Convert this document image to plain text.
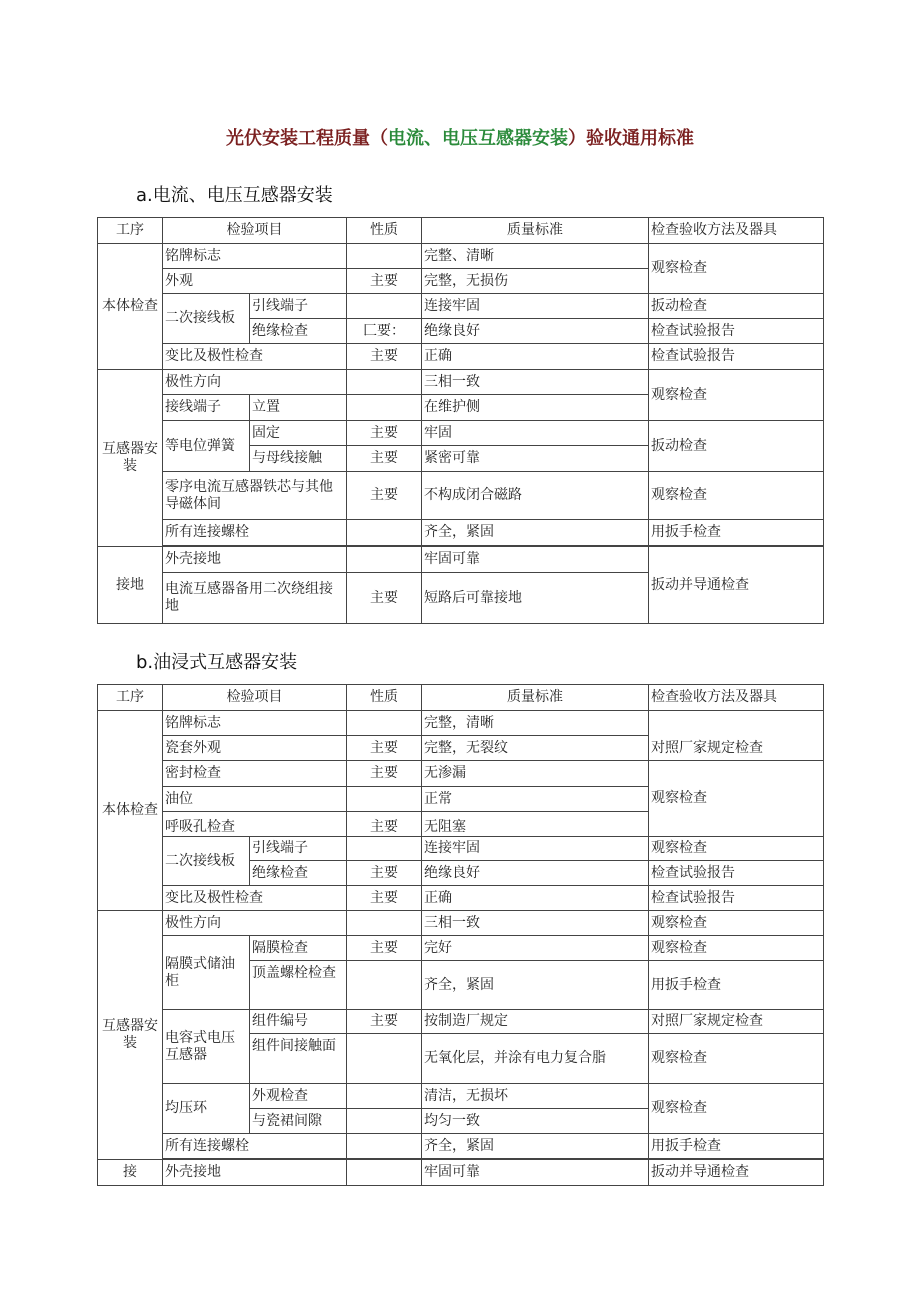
光伏安装工程质量（电流、电压互感器安装）验收通用标准
a.电流、电压互感器安装
工序	检验项目		性质	质量标准	检查验收方法及器具
本体检查	铭牌标志			完整、清晰	观察检查
	外观		主要	完整，无损伤	
	二次接线板	引线端子		连接牢固	扳动检查
		绝缘检查	匚要：	绝缘良好	检查试验报告
	变比及极性检查		主要	正确	检查试验报告
互感器安装	极性方向			三相一致	观察检查
	接线端子	立置		在维护侧	
	等电位弹簧	固定	主要	牢固	扳动检查
		与母线接触	主要	紧密可靠	
	零序电流互感器铁芯与其他导磁体间		主要	不构成闭合磁路	观察检查
	所有连接螺栓			齐全，紧固	用扳手检查

接地	外壳接地			牢固可靠	扳动并导通检查
	电流互感器备用二次绕组接地		主要	短路后可靠接地	
b.油浸式互感器安装
工序	检验项目		性质	质量标准	检查验收方法及器具
本体检查	铭牌标志			完整，清晰	对照厂家规定检查
	瓷套外观		主要	完整，无裂纹	
	密封检查		主要	无渗漏	观察检查
	油位			正常	
	呼吸孔检查		主要	无阻塞	
	二次接线板	引线端子		连接牢固	观察检查
		绝缘检查	主要	绝缘良好	检查试验报告
	变比及极性检查		主要	正确	检查试验报告
互感器安装	极性方向			三相一致	观察检查
	隔膜式储油柜	隔膜检查	主要	完好	观察检查
		顶盖螺栓检查		齐全，紧固	用扳手检查
	电容式电压互感器	组件编号	主要	按制造厂规定	对照厂家规定检查
		组件间接触面		无氧化层，并涂有电力复合脂	观察检查
	均压环	外观检查		清洁，无损坏	观察检查
		与瓷裙间隙		均匀一致	
	所有连接螺栓			齐全，紧固	用扳手检查

接	外壳接地			牢固可靠	扳动并导通检查
